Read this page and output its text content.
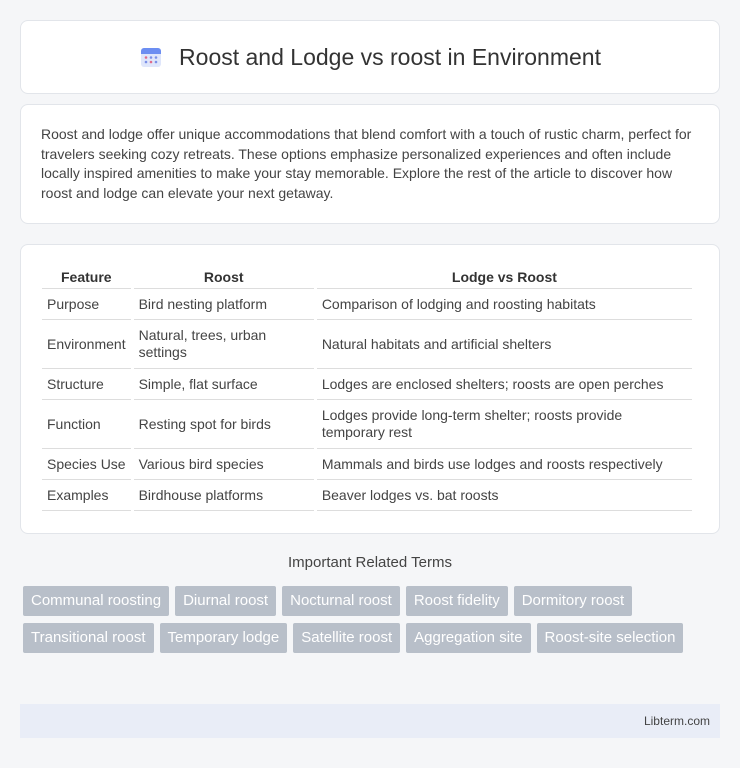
Roost and Lodge vs roost in Environment

Roost and lodge offer unique accommodations that blend comfort with a touch of rustic charm, perfect for travelers seeking cozy retreats. These options emphasize personalized experiences and often include locally inspired amenities to make your stay memorable. Explore the rest of the article to discover how roost and lodge can elevate your next getaway.

Feature	Roost	Lodge vs Roost
Purpose	Bird nesting platform	Comparison of lodging and roosting habitats
Environment	Natural, trees, urban settings	Natural habitats and artificial shelters
Structure	Simple, flat surface	Lodges are enclosed shelters; roosts are open perches
Function	Resting spot for birds	Lodges provide long-term shelter; roosts provide temporary rest
Species Use	Various bird species	Mammals and birds use lodges and roosts respectively
Examples	Birdhouse platforms	Beaver lodges vs. bat roosts
Important Related Terms
Communal roosting	Diurnal roost	Nocturnal roost	Roost fidelity	Dormitory roost
Transitional roost	Temporary lodge	Satellite roost	Aggregation site	Roost-site selection
Libterm.com
